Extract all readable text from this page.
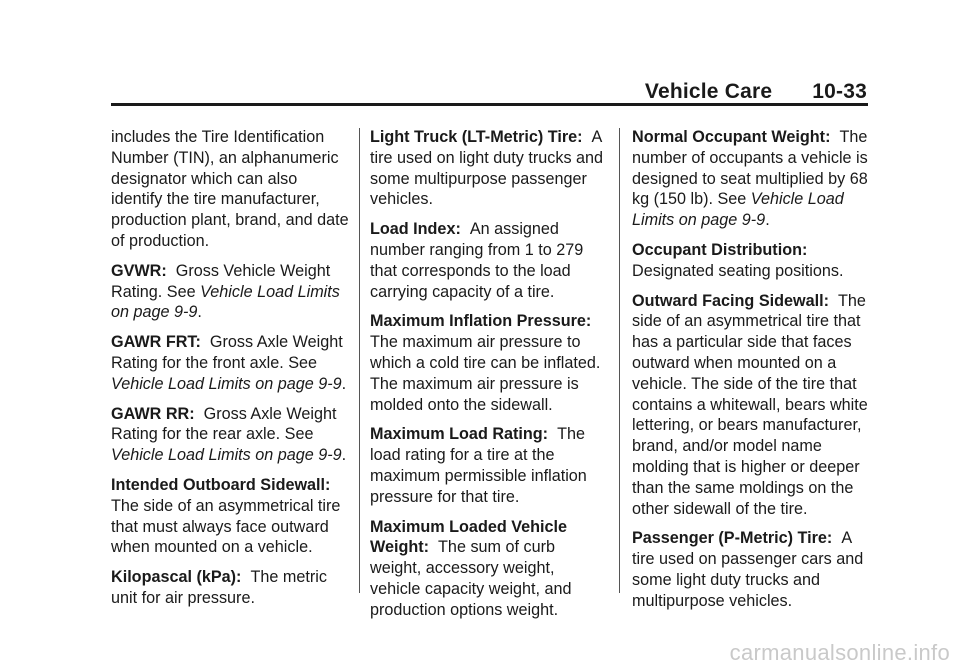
Vehicle Care 10-33

includes the Tire Identification Number (TIN), an alphanumeric designator which can also identify the tire manufacturer, production plant, brand, and date of production.

GVWR: Gross Vehicle Weight Rating. See Vehicle Load Limits on page 9-9.

GAWR FRT: Gross Axle Weight Rating for the front axle. See Vehicle Load Limits on page 9-9.

GAWR RR: Gross Axle Weight Rating for the rear axle. See Vehicle Load Limits on page 9-9.

Intended Outboard Sidewall:
The side of an asymmetrical tire that must always face outward when mounted on a vehicle.

Kilopascal (kPa): The metric unit for air pressure.

Light Truck (LT-Metric) Tire: A tire used on light duty trucks and some multipurpose passenger vehicles.

Load Index: An assigned number ranging from 1 to 279 that corresponds to the load carrying capacity of a tire.

Maximum Inflation Pressure:
The maximum air pressure to which a cold tire can be inflated. The maximum air pressure is molded onto the sidewall.

Maximum Load Rating: The load rating for a tire at the maximum permissible inflation pressure for that tire.

Maximum Loaded Vehicle Weight: The sum of curb weight, accessory weight, vehicle capacity weight, and production options weight.

Normal Occupant Weight: The number of occupants a vehicle is designed to seat multiplied by 68 kg (150 lb). See Vehicle Load Limits on page 9-9.

Occupant Distribution:
Designated seating positions.

Outward Facing Sidewall: The side of an asymmetrical tire that has a particular side that faces outward when mounted on a vehicle. The side of the tire that contains a whitewall, bears white lettering, or bears manufacturer, brand, and/or model name molding that is higher or deeper than the same moldings on the other sidewall of the tire.

Passenger (P-Metric) Tire: A tire used on passenger cars and some light duty trucks and multipurpose vehicles.

carmanualsonline.info
